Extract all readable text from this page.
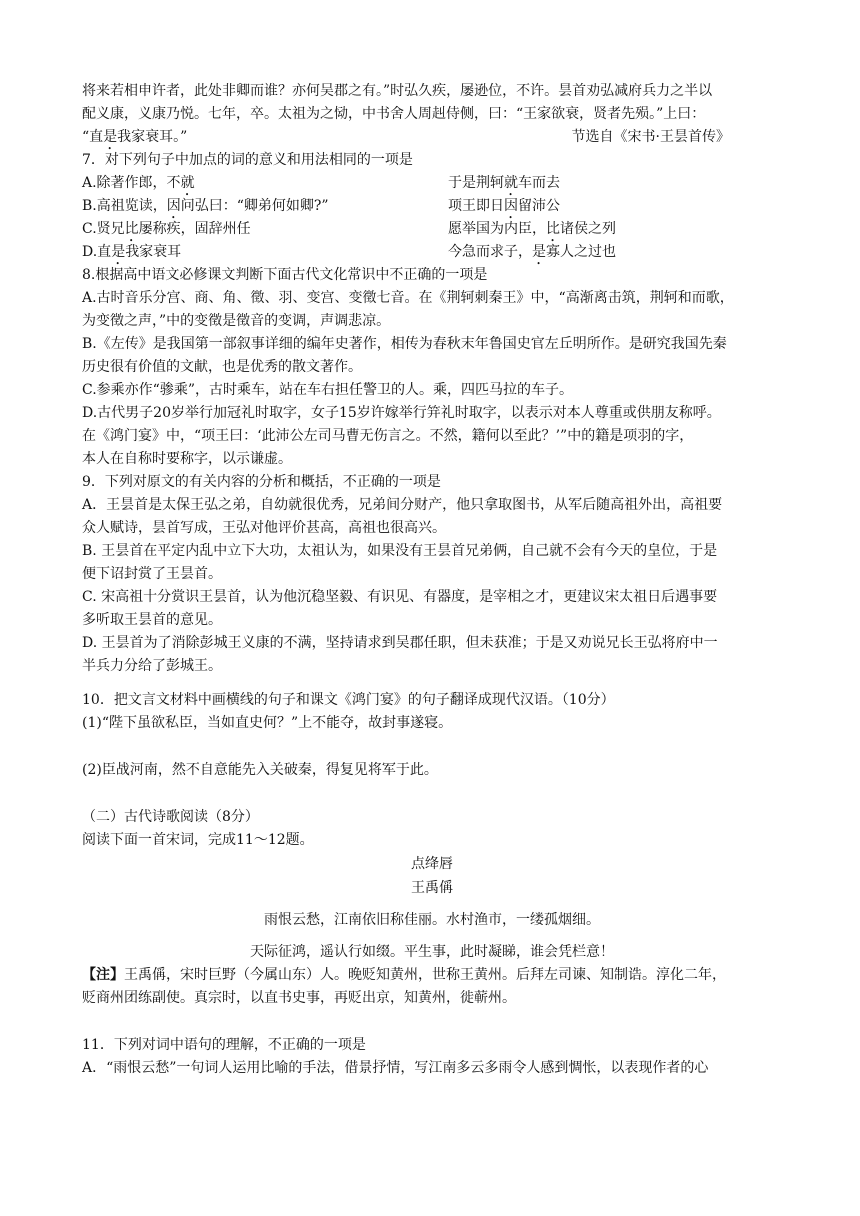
将来若相申许者，此处非卿而谁？亦何吴郡之有。”时弘久疾，屡逊位，不许。昙首劝弘减府兵力之半以
配义康，义康乃悦。七年，卒。太祖为之恸，中书舍人周赳侍侧，曰：“王家欲衰，贤者先殒。”上曰：
“直是我家衰耳。”	节选自《宋书·王昙首传》
7．对下列句子中加点的词的意义和用法相同的一项是
A.除著作郎，不就	于是荆轲就车而去
B.高祖览读，因问弘曰：“卿弟何如卿?”	项王即日因留沛公
C.贤兄比屡称疾，固辞州任	愿举国为内臣，比诸侯之列
D.直是我家衰耳	今急而求子，是寡人之过也
8.根据高中语文必修课文判断下面古代文化常识中不正确的一项是
A.古时音乐分宫、商、角、徵、羽、变宫、变徵七音。在《荆轲刺秦王》中，“高渐离击筑，荆轲和而歌，
为变徵之声，”中的变徵是徵音的变调，声调悲凉。
B.《左传》是我国第一部叙事详细的编年史著作，相传为春秋末年鲁国史官左丘明所作。是研究我国先秦
历史很有价值的文献，也是优秀的散文著作。
C.参乘亦作“骖乘”，古时乘车，站在车右担任警卫的人。乘，四匹马拉的车子。
D.古代男子20岁举行加冠礼时取字，女子15岁许嫁举行笄礼时取字，以表示对本人尊重或供朋友称呼。
在《鸿门宴》中，“项王曰：‘此沛公左司马曹无伤言之。不然，籍何以至此？’”中的籍是项羽的字，
本人在自称时要称字，以示谦虚。
9．下列对原文的有关内容的分析和概括，不正确的一项是
A．王昙首是太保王弘之弟，自幼就很优秀，兄弟间分财产，他只拿取图书，从军后随高祖外出，高祖要
众人赋诗，昙首写成，王弘对他评价甚高，高祖也很高兴。
B. 王昙首在平定内乱中立下大功，太祖认为，如果没有王昙首兄弟俩，自己就不会有今天的皇位，于是
便下诏封赏了王昙首。
C. 宋高祖十分赏识王昙首，认为他沉稳坚毅、有识见、有器度，是宰相之才，更建议宋太祖日后遇事要
多听取王昙首的意见。
D. 王昙首为了消除彭城王义康的不满，坚持请求到吴郡任职，但未获准；于是又劝说兄长王弘将府中一
半兵力分给了彭城王。
10．把文言文材料中画横线的句子和课文《鸿门宴》的句子翻译成现代汉语。（10分）
(1)“陛下虽欲私臣，当如直史何？”上不能夺，故封事遂寝。
(2)臣战河南，然不自意能先入关破秦，得复见将军于此。
（二）古代诗歌阅读（8分）
阅读下面一首宋词，完成11～12题。
点绛唇
王禹偁
雨恨云愁，江南依旧称佳丽。水村渔市，一缕孤烟细。
天际征鸿，遥认行如缀。平生事，此时凝睇，谁会凭栏意！
【注】王禹偁，宋时巨野（今属山东）人。晚贬知黄州，世称王黄州。后拜左司谏、知制诰。淳化二年，
贬商州团练副使。真宗时，以直书史事，再贬出京，知黄州，徙蕲州。
11．下列对词中语句的理解，不正确的一项是
A．“雨恨云愁”一句词人运用比喻的手法，借景抒情，写江南多云多雨令人感到惆怅，以表现作者的心
